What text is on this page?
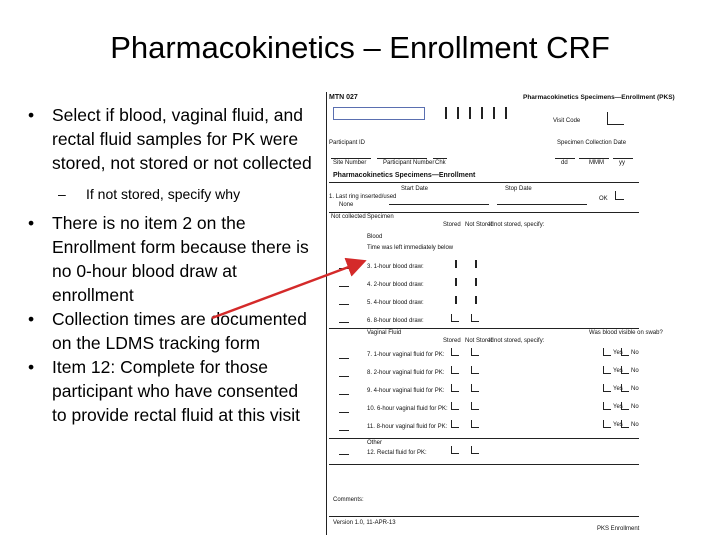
Pharmacokinetics – Enrollment CRF
• Select if blood, vaginal fluid, and rectal fluid samples for PK were stored, not stored or not collected
– If not stored, specify why
• There is no item 2 on the Enrollment form because there is no 0-hour blood draw at enrollment
• Collection times are documented on the LDMS tracking form
• Item 12: Complete for those participant who have consented to provide rectal fluid at this visit
MTN 027	Pharmacokinetics Specimens—Enrollment (PKS)
Visit Code
Participant ID	Specimen Collection Date
Site Number	Participant Number Chk	dd	MMM	yy
Pharmacokinetics Specimens—Enrollment
Start Date	Stop Date
1. Last ring inserted/used
None
OK
Not collected Specimen
Stored Not Stored
If not stored, specify:
Blood
Time was left immediately below
3. 1-hour blood draw:
4. 2-hour blood draw:
5. 4-hour blood draw:
6. 8-hour blood draw:
Vaginal Fluid
Stored Not Stored
If not stored, specify:
Was blood visible on swab?
7. 1-hour vaginal fluid for PK:	Yes No
8. 2-hour vaginal fluid for PK:	Yes No
9. 4-hour vaginal fluid for PK:	Yes No
10. 6-hour vaginal fluid for PK:	Yes No
11. 8-hour vaginal fluid for PK:	Yes No
Other
12. Rectal fluid for PK:
Comments:
Version 1.0, 11-APR-13
PKS Enrollment
